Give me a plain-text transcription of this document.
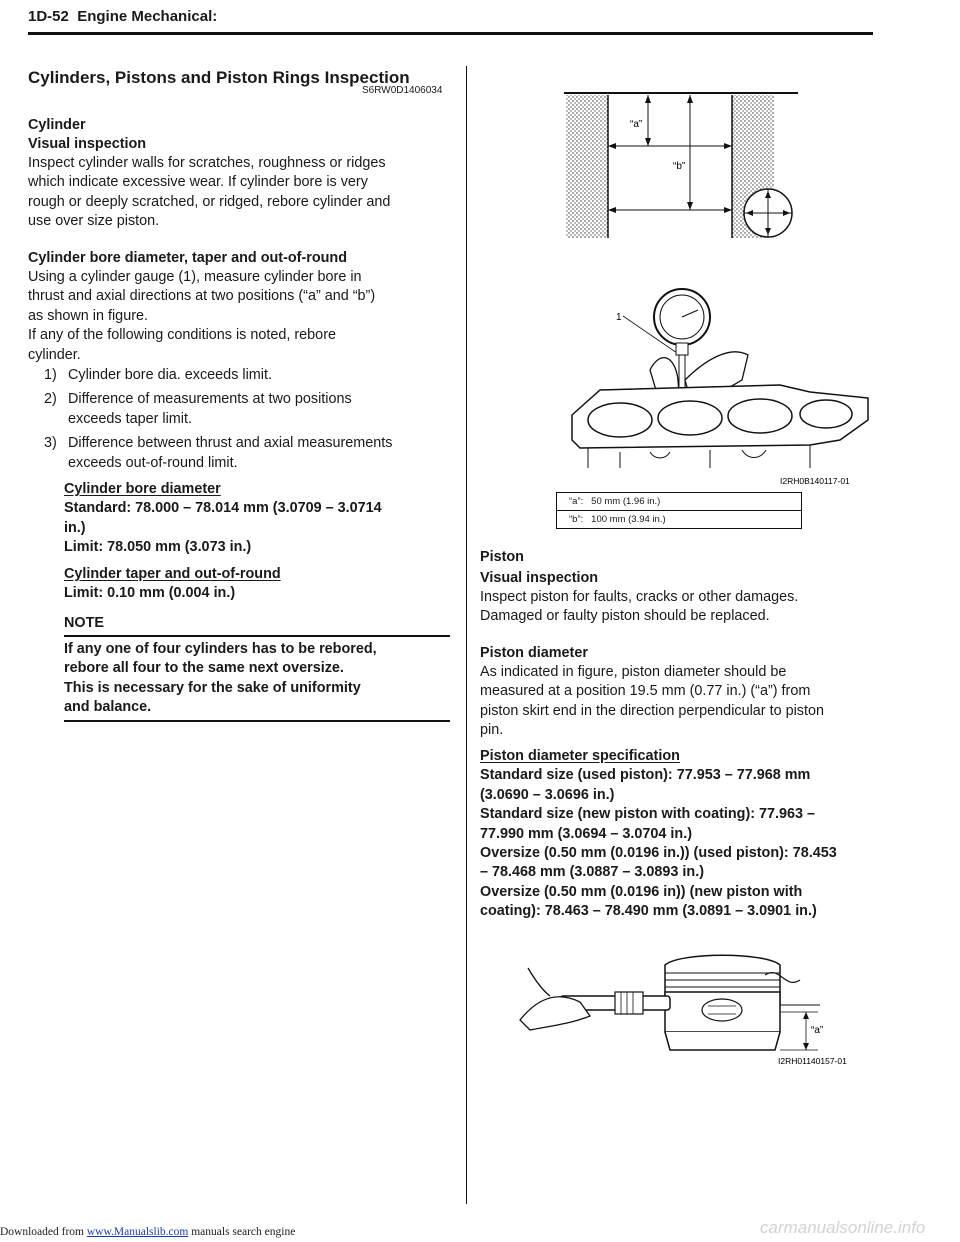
1D-52 Engine Mechanical:
Cylinders, Pistons and Piston Rings Inspection
S6RW0D1406034
Cylinder
Visual inspection
Inspect cylinder walls for scratches, roughness or ridges
which indicate excessive wear. If cylinder bore is very
rough or deeply scratched, or ridged, rebore cylinder and
use over size piston.
Cylinder bore diameter, taper and out-of-round
Using a cylinder gauge (1), measure cylinder bore in
thrust and axial directions at two positions (“a” and “b”)
as shown in figure.
If any of the following conditions is noted, rebore
cylinder.
1) Cylinder bore dia. exceeds limit.
2) Difference of measurements at two positions
exceeds taper limit.
3) Difference between thrust and axial measurements
exceeds out-of-round limit.
Cylinder bore diameter
Standard: 78.000 – 78.014 mm (3.0709 – 3.0714
in.)
Limit: 78.050 mm (3.073 in.)
Cylinder taper and out-of-round
Limit: 0.10 mm (0.004 in.)
NOTE
If any one of four cylinders has to be rebored,
rebore all four to the same next oversize.
This is necessary for the sake of uniformity
and balance.
“a”
“b”
1
I2RH0B140117-01
“a”: 50 mm (1.96 in.)
“b”: 100 mm (3.94 in.)
Piston
Visual inspection
Inspect piston for faults, cracks or other damages.
Damaged or faulty piston should be replaced.
Piston diameter
As indicated in figure, piston diameter should be
measured at a position 19.5 mm (0.77 in.) (“a”) from
piston skirt end in the direction perpendicular to piston
pin.
Piston diameter specification
Standard size (used piston): 77.953 – 77.968 mm
(3.0690 – 3.0696 in.)
Standard size (new piston with coating): 77.963 –
77.990 mm (3.0694 – 3.0704 in.)
Oversize (0.50 mm (0.0196 in.)) (used piston): 78.453
– 78.468 mm (3.0887 – 3.0893 in.)
Oversize (0.50 mm (0.0196 in)) (new piston with
coating): 78.463 – 78.490 mm (3.0891 – 3.0901 in.)
“a”
I2RH01140157-01
Downloaded from www.Manualslib.com manuals search engine	carmanualsonline.info
